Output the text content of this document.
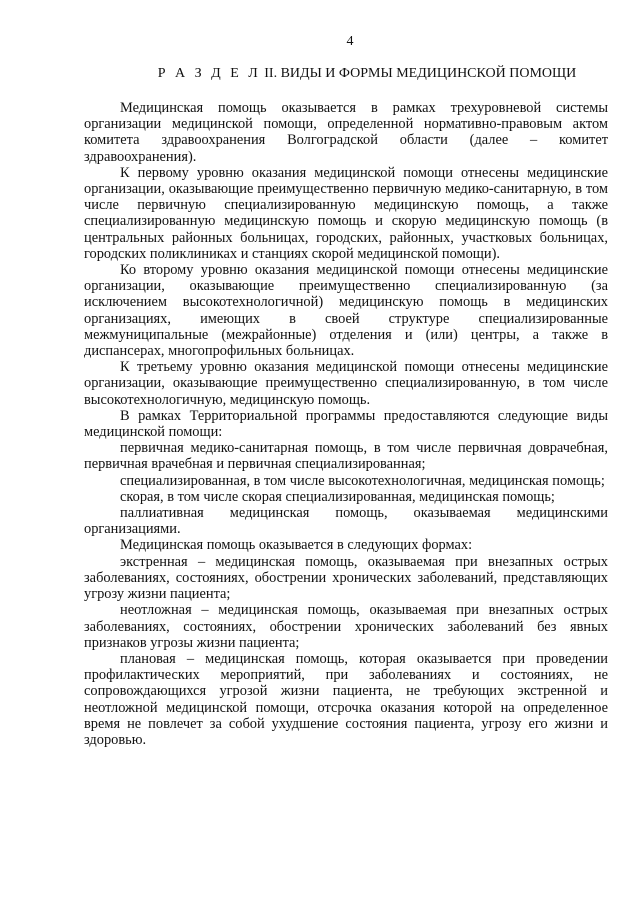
4
Р А З Д Е Л II. ВИДЫ И ФОРМЫ МЕДИЦИНСКОЙ ПОМОЩИ

Медицинская помощь оказывается в рамках трехуровневой системы организации медицинской помощи, определенной нормативно-правовым актом комитета здравоохранения Волгоградской области (далее – комитет здравоохранения).

К первому уровню оказания медицинской помощи отнесены медицинские организации, оказывающие преимущественно первичную медико-санитарную, в том числе первичную специализированную медицинскую помощь, а также специализированную медицинскую помощь и скорую медицинскую помощь (в центральных районных больницах, городских, районных, участковых больницах, городских поликлиниках и станциях скорой медицинской помощи).

Ко второму уровню оказания медицинской помощи отнесены медицинские организации, оказывающие преимущественно специализированную (за исключением высокотехнологичной) медицинскую помощь в медицинских организациях, имеющих в своей структуре специализированные межмуниципальные (межрайонные) отделения и (или) центры, а также в диспансерах, многопрофильных больницах.

К третьему уровню оказания медицинской помощи отнесены медицинские организации, оказывающие преимущественно специализированную, в том числе высокотехнологичную, медицинскую помощь.

В рамках Территориальной программы предоставляются следующие виды медицинской помощи:

первичная медико-санитарная помощь, в том числе первичная доврачебная, первичная врачебная и первичная специализированная;

специализированная, в том числе высокотехнологичная, медицинская помощь;

скорая, в том числе скорая специализированная, медицинская помощь;

паллиативная медицинская помощь, оказываемая медицинскими организациями.

Медицинская помощь оказывается в следующих формах:

экстренная – медицинская помощь, оказываемая при внезапных острых заболеваниях, состояниях, обострении хронических заболеваний, представляющих угрозу жизни пациента;

неотложная – медицинская помощь, оказываемая при внезапных острых заболеваниях, состояниях, обострении хронических заболеваний без явных признаков угрозы жизни пациента;

плановая – медицинская помощь, которая оказывается при проведении профилактических мероприятий, при заболеваниях и состояниях, не сопровождающихся угрозой жизни пациента, не требующих экстренной и неотложной медицинской помощи, отсрочка оказания которой на определенное время не повлечет за собой ухудшение состояния пациента, угрозу его жизни и здоровью.
